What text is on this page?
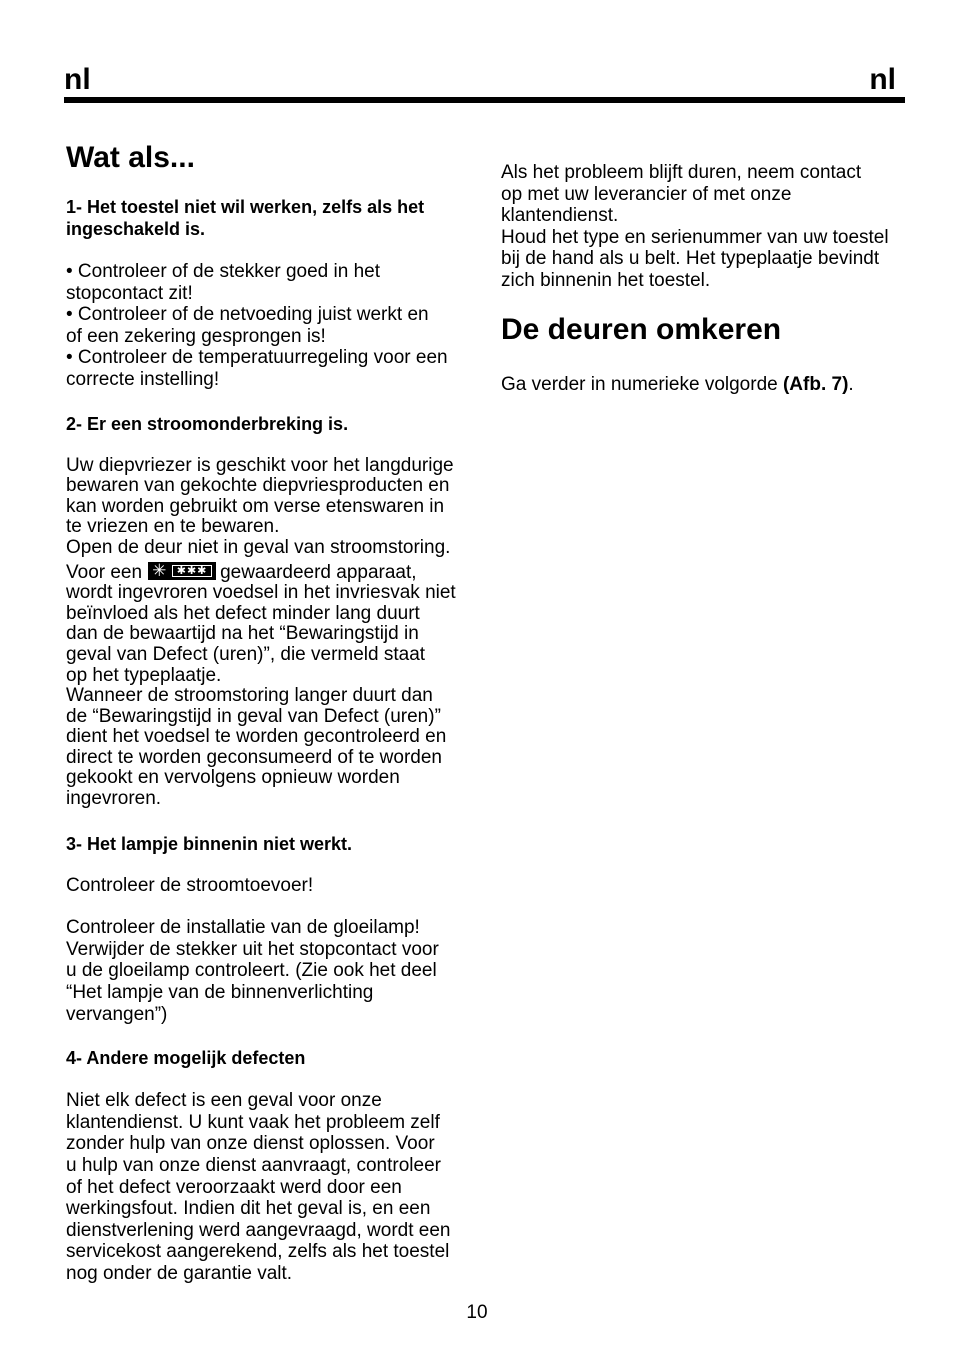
nl	nl
Wat als...
1- Het toestel niet wil werken, zelfs als het
ingeschakeld is.

• Controleer of de stekker goed in het
stopcontact zit!
• Controleer of de netvoeding juist werkt en
of een zekering gesprongen is!
• Controleer de temperatuurregeling voor een
correcte instelling!

2- Er een stroomonderbreking is.

Uw diepvriezer is geschikt voor het langdurige
bewaren van gekochte diepvriesproducten en
kan worden gebruikt om verse etenswaren in
te vriezen en te bewaren.
Open de deur niet in geval van stroomstoring.
Voor een ✳ ✱✱✱ gewaardeerd apparaat,
wordt ingevroren voedsel in het invriesvak niet
beïnvloed als het defect minder lang duurt
dan de bewaartijd na het “Bewaringstijd in
geval van Defect (uren)”, die vermeld staat
op het typeplaatje.
Wanneer de stroomstoring langer duurt dan
de “Bewaringstijd in geval van Defect (uren)”
dient het voedsel te worden gecontroleerd en
direct te worden geconsumeerd of te worden
gekookt en vervolgens opnieuw worden
ingevroren.

3- Het lampje binnenin niet werkt.

Controleer de stroomtoevoer!

Controleer de installatie van de gloeilamp!
Verwijder de stekker uit het stopcontact voor
u de gloeilamp controleert. (Zie ook het deel
“Het lampje van de binnenverlichting
vervangen”)

4- Andere mogelijk defecten

Niet elk defect is een geval voor onze
klantendienst. U kunt vaak het probleem zelf
zonder hulp van onze dienst oplossen. Voor
u hulp van onze dienst aanvraagt, controleer
of het defect veroorzaakt werd door een
werkingsfout. Indien dit het geval is, en een
dienstverlening werd aangevraagd, wordt een
servicekost aangerekend, zelfs als het toestel
nog onder de garantie valt.

Als het probleem blijft duren, neem contact
op met uw leverancier of met onze
klantendienst.
Houd het type en serienummer van uw toestel
bij de hand als u belt. Het typeplaatje bevindt
zich binnenin het toestel.

De deuren omkeren

Ga verder in numerieke volgorde (Afb. 7).

10
